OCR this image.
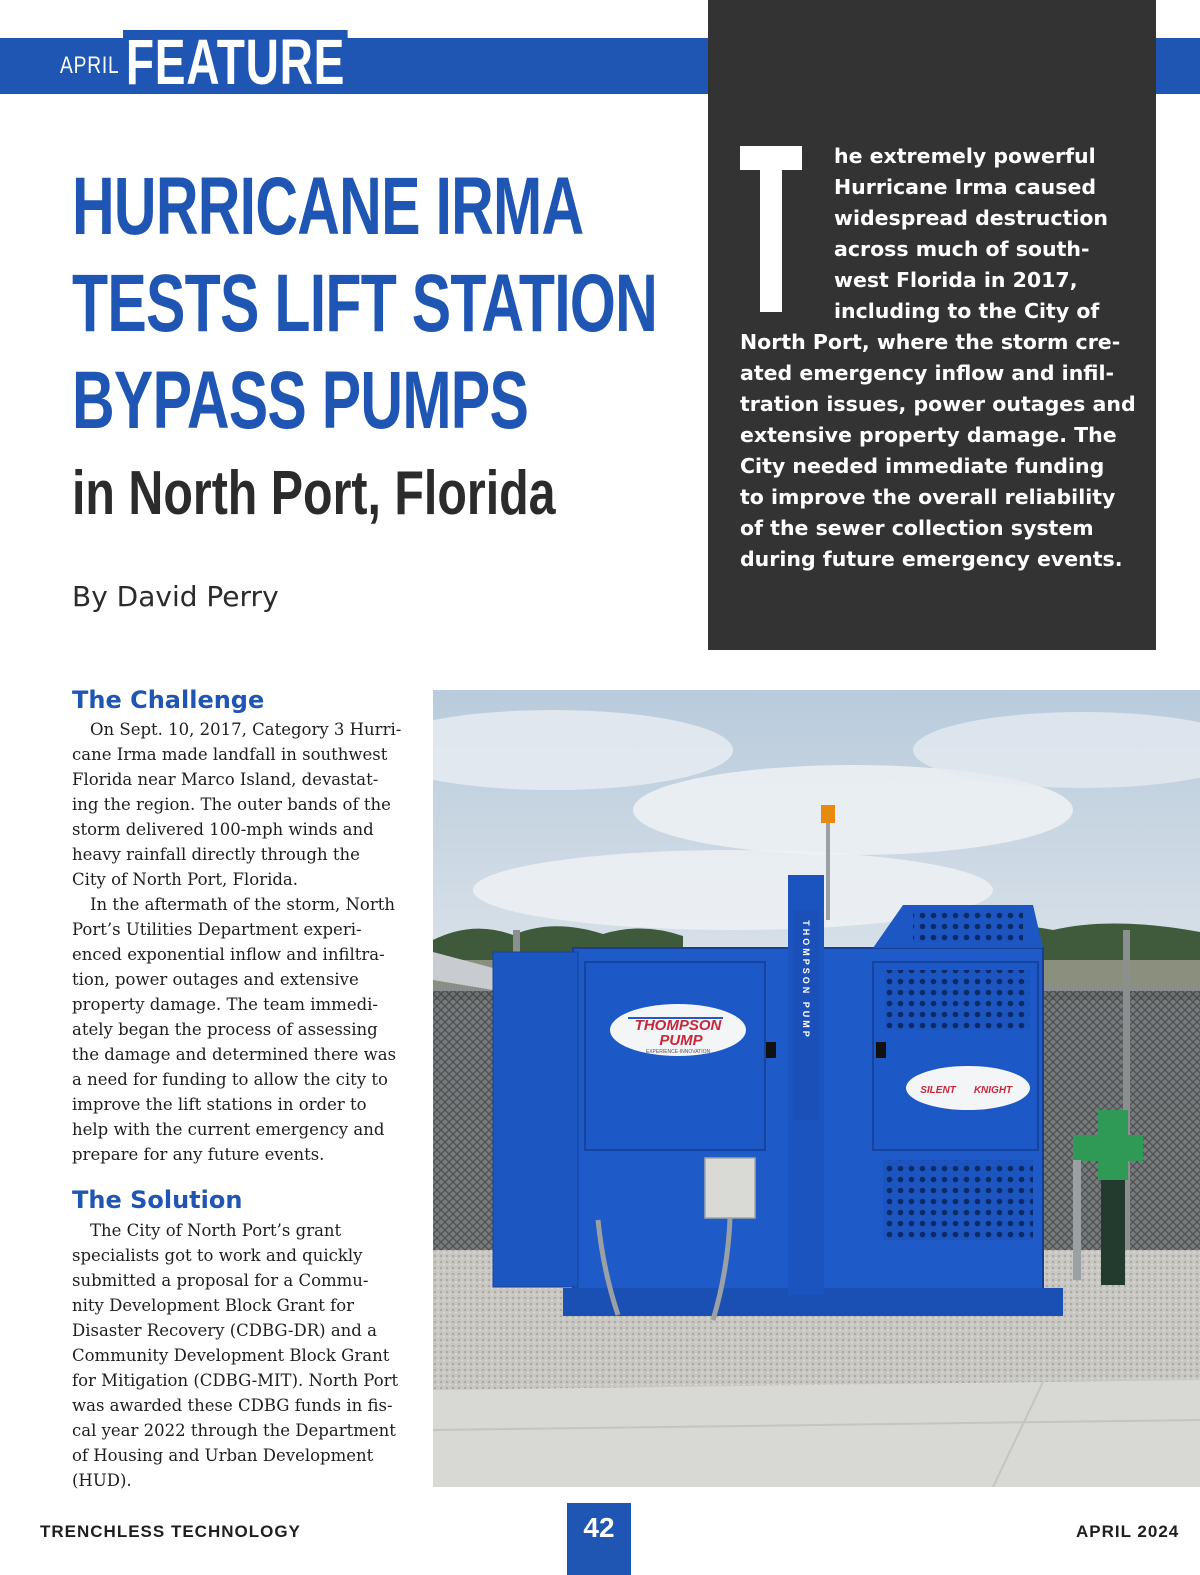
APRIL FEATURE
he extremely powerful
Hurricane Irma caused
widespread destruction
across much of south-
west Florida in 2017,
including to the City of
North Port, where the storm cre-
ated emergency inflow and infil-
tration issues, power outages and
extensive property damage. The
City needed immediate funding
to improve the overall reliability
of the sewer collection system
during future emergency events.
HURRICANE IRMA
TESTS LIFT STATION
BYPASS PUMPS
in North Port, Florida
By David Perry
The Challenge
On Sept. 10, 2017, Category 3 Hurri-
cane Irma made landfall in southwest
Florida near Marco Island, devastat-
ing the region. The outer bands of the
storm delivered 100-mph winds and
heavy rainfall directly through the
City of North Port, Florida.
In the aftermath of the storm, North
Port’s Utilities Department experi-
enced exponential inflow and infiltra-
tion, power outages and extensive
property damage. The team immedi-
ately began the process of assessing
the damage and determined there was
a need for funding to allow the city to
improve the lift stations in order to
help with the current emergency and
prepare for any future events.
The Solution
The City of North Port’s grant
specialists got to work and quickly
submitted a proposal for a Commu-
nity Development Block Grant for
Disaster Recovery (CDBG-DR) and a
Community Development Block Grant
for Mitigation (CDBG-MIT). North Port
was awarded these CDBG funds in fis-
cal year 2022 through the Department
of Housing and Urban Development
(HUD).
THOMPSON PUMP
THOMPSON
PUMP
EXPERIENCE·INNOVATION
SILENT KNIGHT
TRENCHLESS TECHNOLOGY	42	APRIL 2024
